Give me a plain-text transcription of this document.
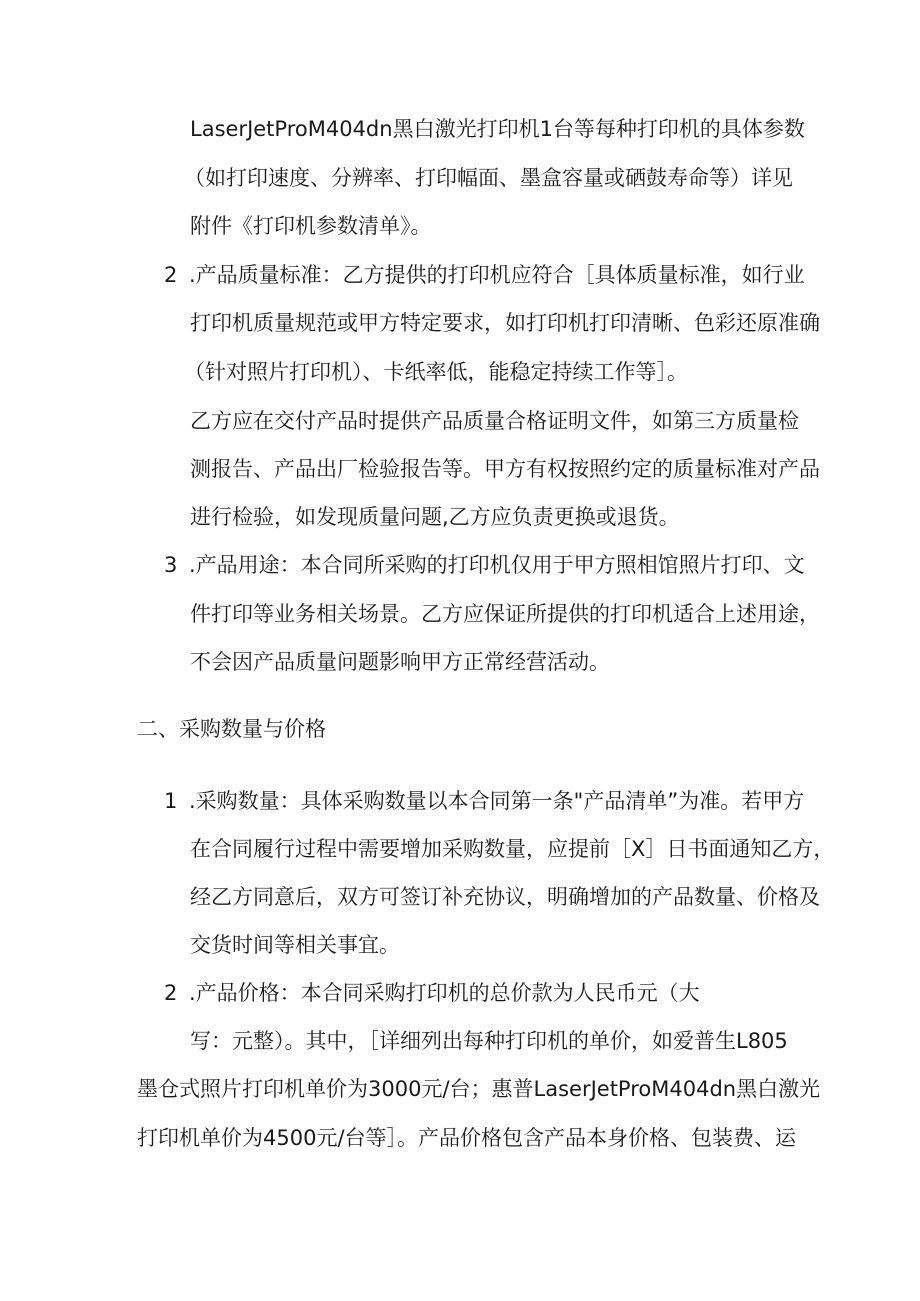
LaserJetProM404dn黑白激光打印机1台等每种打印机的具体参数
（如打印速度、分辨率、打印幅面、墨盒容量或硒鼓寿命等）详见
附件《打印机参数清单》。
2 .产品质量标准：乙方提供的打印机应符合［具体质量标准，如行业
打印机质量规范或甲方特定要求，如打印机打印清晰、色彩还原准确
（针对照片打印机）、卡纸率低，能稳定持续工作等］。
乙方应在交付产品时提供产品质量合格证明文件，如第三方质量检
测报告、产品出厂检验报告等。甲方有权按照约定的质量标准对产品
进行检验，如发现质量问题,乙方应负责更换或退货。
3 .产品用途：本合同所采购的打印机仅用于甲方照相馆照片打印、文
件打印等业务相关场景。乙方应保证所提供的打印机适合上述用途，
不会因产品质量问题影响甲方正常经营活动。
二、采购数量与价格
1 .采购数量：具体采购数量以本合同第一条"产品清单”为准。若甲方
在合同履行过程中需要增加采购数量，应提前［X］日书面通知乙方，
经乙方同意后，双方可签订补充协议，明确增加的产品数量、价格及
交货时间等相关事宜。
2 .产品价格：本合同采购打印机的总价款为人民币元（大
写：元整）。其中，［详细列出每种打印机的单价，如爱普生L805
墨仓式照片打印机单价为3000元/台；惠普LaserJetProM404dn黑白激光
打印机单价为4500元/台等］。产品价格包含产品本身价格、包装费、运
